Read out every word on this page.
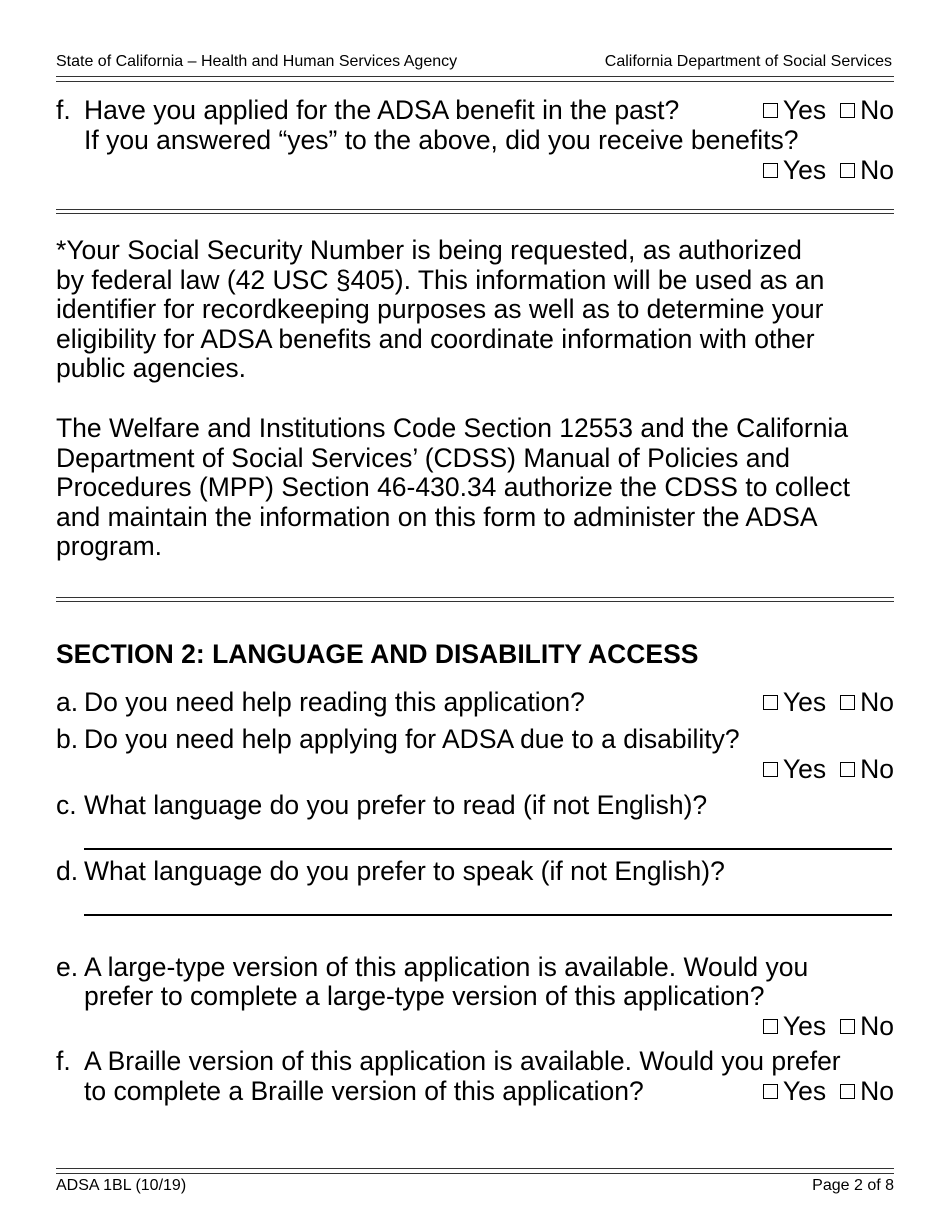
State of California – Health and Human Services Agency	California Department of Social Services
f. Have you applied for the ADSA benefit in the past?	Yes No
If you answered “yes” to the above, did you receive benefits?
Yes No
*Your Social Security Number is being requested, as authorized
by federal law (42 USC §405). This information will be used as an
identifier for recordkeeping purposes as well as to determine your
eligibility for ADSA benefits and coordinate information with other
public agencies.
The Welfare and Institutions Code Section 12553 and the California
Department of Social Services’ (CDSS) Manual of Policies and
Procedures (MPP) Section 46-430.34 authorize the CDSS to collect
and maintain the information on this form to administer the ADSA
program.
SECTION 2: LANGUAGE AND DISABILITY ACCESS
a. Do you need help reading this application?	Yes No
b. Do you need help applying for ADSA due to a disability?
Yes No
c. What language do you prefer to read (if not English)?
d. What language do you prefer to speak (if not English)?
e. A large-type version of this application is available. Would you
prefer to complete a large-type version of this application?
Yes No
f. A Braille version of this application is available. Would you prefer
to complete a Braille version of this application?	Yes No
ADSA 1BL (10/19)	Page 2 of 8
